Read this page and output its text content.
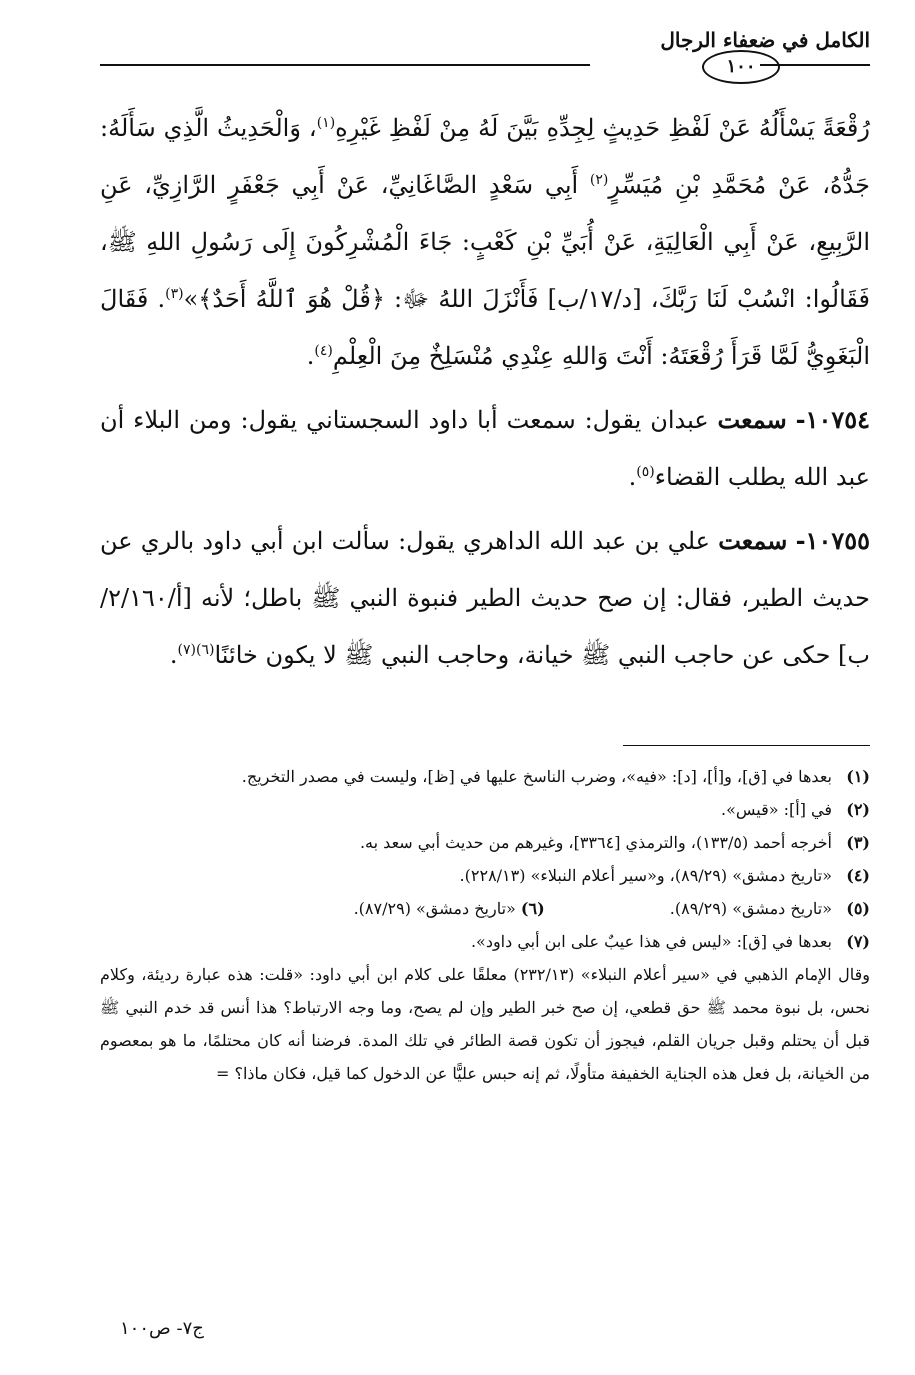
الكامل في ضعفاء الرجال
١٠٠

رُقْعَةً يَسْأَلُهُ عَنْ لَفْظِ حَدِيثٍ لِجِدِّهِ بَيَّنَ لَهُ مِنْ لَفْظِ غَيْرِهِ$^{(١)}$، وَالْحَدِيثُ الَّذِي سَأَلَهُ: جَدُّهُ، عَنْ مُحَمَّدِ بْنِ مُيَسِّرٍ$^{(٢)}$ أَبِي سَعْدٍ الصَّاغَانِيِّ، عَنْ أَبِي جَعْفَرٍ الرَّازِيِّ، عَنِ الرَّبِيعِ، عَنْ أَبِي الْعَالِيَةِ، عَنْ أُبَيِّ بْنِ كَعْبٍ: جَاءَ الْمُشْرِكُونَ إِلَى رَسُولِ اللهِ ﷺ، فَقَالُوا: انْسُبْ لَنَا رَبَّكَ، [د/١٧/ب] فَأَنْزَلَ اللهُ ﷻ: ﴿قُلْ هُوَ ٱللَّهُ أَحَدٌ﴾»$^{(٣)}$. فَقَالَ الْبَغَوِيُّ لَمَّا قَرَأَ رُقْعَتَهُ: أَنْتَ وَاللهِ عِنْدِي مُنْسَلِخٌ مِنَ الْعِلْمِ$^{(٤)}$.

١٠٧٥٤- سمعت عبدان يقول: سمعت أبا داود السجستاني يقول: ومن البلاء أن عبد الله يطلب القضاء$^{(٥)}$.

١٠٧٥٥- سمعت علي بن عبد الله الداهري يقول: سألت ابن أبي داود بالري عن حديث الطير، فقال: إن صح حديث الطير فنبوة النبي ﷺ باطل؛ لأنه [أ/٢/١٦٠/ب] حكى عن حاجب النبي ﷺ خيانة، وحاجب النبي ﷺ لا يكون خائنًا$^{(٦)(٧)}$.

(١)
بعدها في [ق]، و[أ]، [د]: «فيه»، وضرب الناسخ عليها في [ظ]، وليست في مصدر التخريج.

(٢)
في [أ]: «قيس».

(٣)
أخرجه أحمد (١٣٣/٥)، والترمذي [٣٣٦٤]، وغيرهم من حديث أبي سعد به.

(٤)
«تاريخ دمشق» (٨٩/٢٩)، و«سير أعلام النبلاء» (٢٢٨/١٣).

(٥)
«تاريخ دمشق» (٨٩/٢٩). (٦) «تاريخ دمشق» (٨٧/٢٩).

(٧)
بعدها في [ق]: «ليس في هذا عيبٌ على ابن أبي داود».

وقال الإمام الذهبي في «سير أعلام النبلاء» (٢٣٢/١٣) معلقًا على كلام ابن أبي داود: «قلت: هذه عبارة رديئة، وكلام نحس، بل نبوة محمد ﷺ حق قطعي، إن صح خبر الطير وإن لم يصح، وما وجه الارتباط؟ هذا أنس قد خدم النبي ﷺ قبل أن يحتلم وقبل جريان القلم، فيجوز أن تكون قصة الطائر في تلك المدة. فرضنا أنه كان محتلمًا، ما هو بمعصوم من الخيانة، بل فعل هذه الجناية الخفيفة متأولًا، ثم إنه حبس عليًّا عن الدخول كما قيل، فكان ماذا؟ =

ج٧- ص١٠٠
